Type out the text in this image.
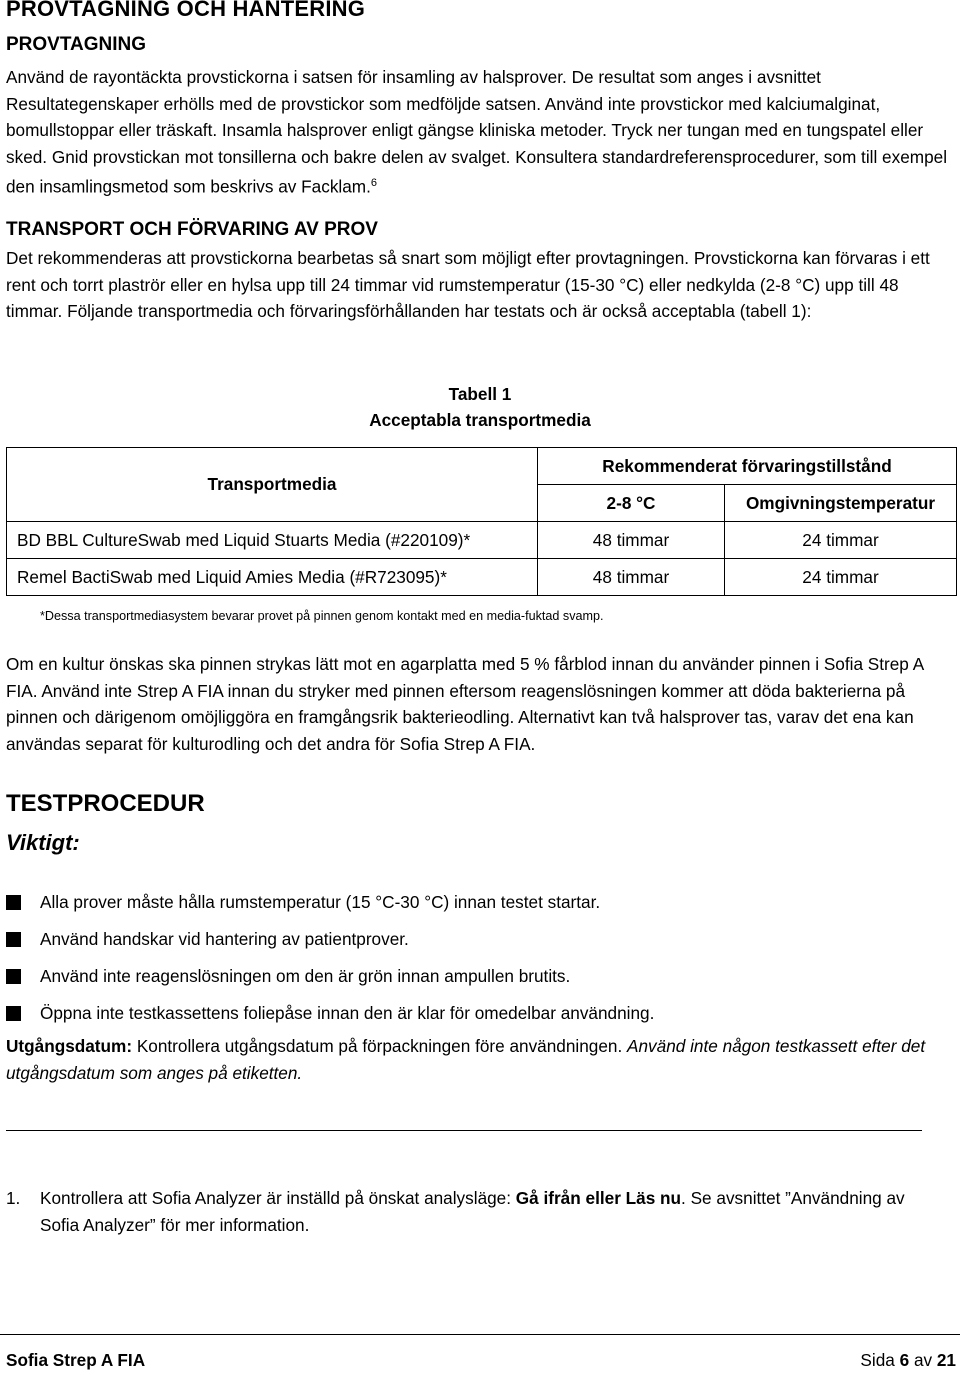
PROVTAGNING OCH HANTERING
PROVTAGNING

Använd de rayontäckta provstickorna i satsen för insamling av halsprover. De resultat som anges i avsnittet Resultategenskaper erhölls med de provstickor som medföljde satsen. Använd inte provstickor med kalciumalginat, bomullstoppar eller träskaft. Insamla halsprover enligt gängse kliniska metoder. Tryck ner tungan med en tungspatel eller sked. Gnid provstickan mot tonsillerna och bakre delen av svalget. Konsultera standardreferensprocedurer, som till exempel den insamlingsmetod som beskrivs av Facklam.$^6$

TRANSPORT OCH FÖRVARING AV PROV

Det rekommenderas att provstickorna bearbetas så snart som möjligt efter provtagningen. Provstickorna kan förvaras i ett rent och torrt plaströr eller en hylsa upp till 24 timmar vid rumstemperatur (15-30 °C) eller nedkylda (2-8 °C) upp till 48 timmar. Följande transportmedia och förvaringsförhållanden har testats och är också acceptabla (tabell 1):

Tabell 1
Acceptabla transportmedia
Transportmedia	Rekommenderat förvaringstillstånd	
	2-8 °C	Omgivningstemperatur
BD BBL CultureSwab med Liquid Stuarts Media (#220109)*	48 timmar	24 timmar
Remel BactiSwab med Liquid Amies Media (#R723095)*	48 timmar	24 timmar
*Dessa transportmediasystem bevarar provet på pinnen genom kontakt med en media-fuktad svamp.

Om en kultur önskas ska pinnen strykas lätt mot en agarplatta med 5 % fårblod innan du använder pinnen i Sofia Strep A FIA. Använd inte Strep A FIA innan du stryker med pinnen eftersom reagenslösningen kommer att döda bakterierna på pinnen och därigenom omöjliggöra en framgångsrik bakterieodling. Alternativt kan två halsprover tas, varav det ena kan användas separat för kulturodling och det andra för Sofia Strep A FIA.

TESTPROCEDUR
Viktigt:
Alla prover måste hålla rumstemperatur (15 °C-30 °C) innan testet startar.
Använd handskar vid hantering av patientprover.
Använd inte reagenslösningen om den är grön innan ampullen brutits.
Öppna inte testkassettens foliepåse innan den är klar för omedelbar användning.

Utgångsdatum: Kontrollera utgångsdatum på förpackningen före användningen. Använd inte någon testkassett efter det utgångsdatum som anges på etiketten.

1. Kontrollera att Sofia Analyzer är inställd på önskat analysläge: Gå ifrån eller Läs nu. Se avsnittet ”Användning av Sofia Analyzer” för mer information.
Sofia Strep A FIA	Sida 6 av 21
